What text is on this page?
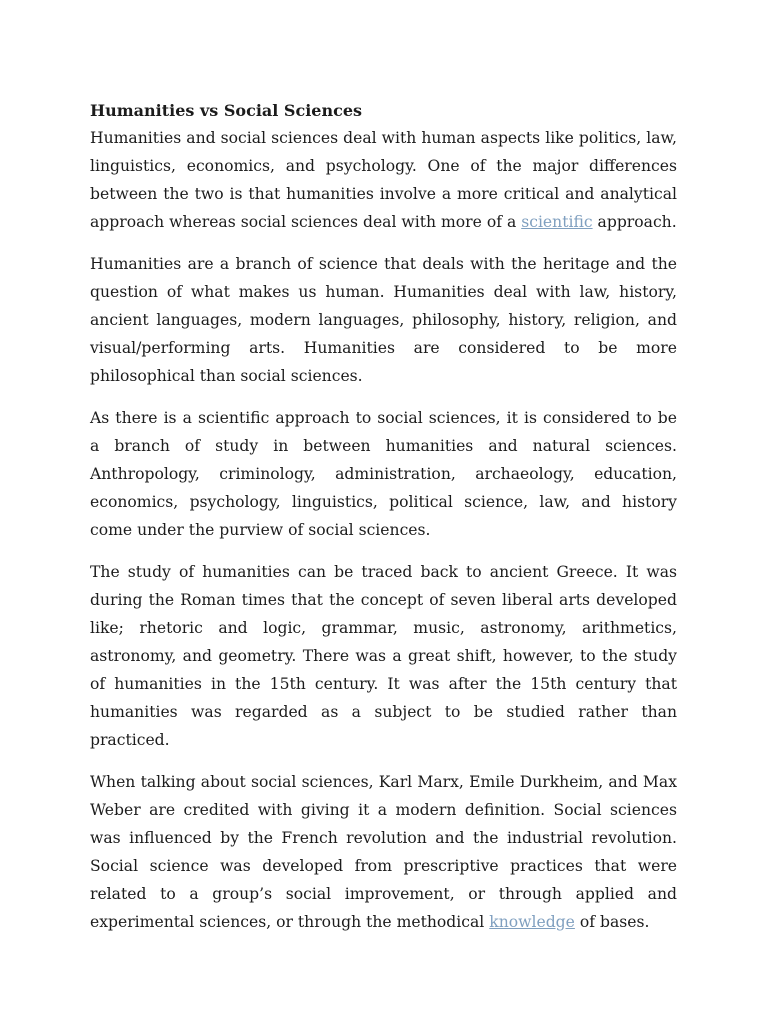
Humanities vs Social Sciences

Humanities and social sciences deal with human aspects like politics, law, linguistics, economics, and psychology. One of the major differences between the two is that humanities involve a more critical and analytical approach whereas social sciences deal with more of a scientific approach.

Humanities are a branch of science that deals with the heritage and the question of what makes us human. Humanities deal with law, history, ancient languages, modern languages, philosophy, history, religion, and visual/performing arts. Humanities are considered to be more philosophical than social sciences.

As there is a scientific approach to social sciences, it is considered to be a branch of study in between humanities and natural sciences. Anthropology, criminology, administration, archaeology, education, economics, psychology, linguistics, political science, law, and history come under the purview of social sciences.

The study of humanities can be traced back to ancient Greece. It was during the Roman times that the concept of seven liberal arts developed like; rhetoric and logic, grammar, music, astronomy, arithmetics, astronomy, and geometry. There was a great shift, however, to the study of humanities in the 15th century. It was after the 15th century that humanities was regarded as a subject to be studied rather than practiced.

When talking about social sciences, Karl Marx, Emile Durkheim, and Max Weber are credited with giving it a modern definition. Social sciences was influenced by the French revolution and the industrial revolution. Social science was developed from prescriptive practices that were related to a group’s social improvement, or through applied and experimental sciences, or through the methodical knowledge of bases.
